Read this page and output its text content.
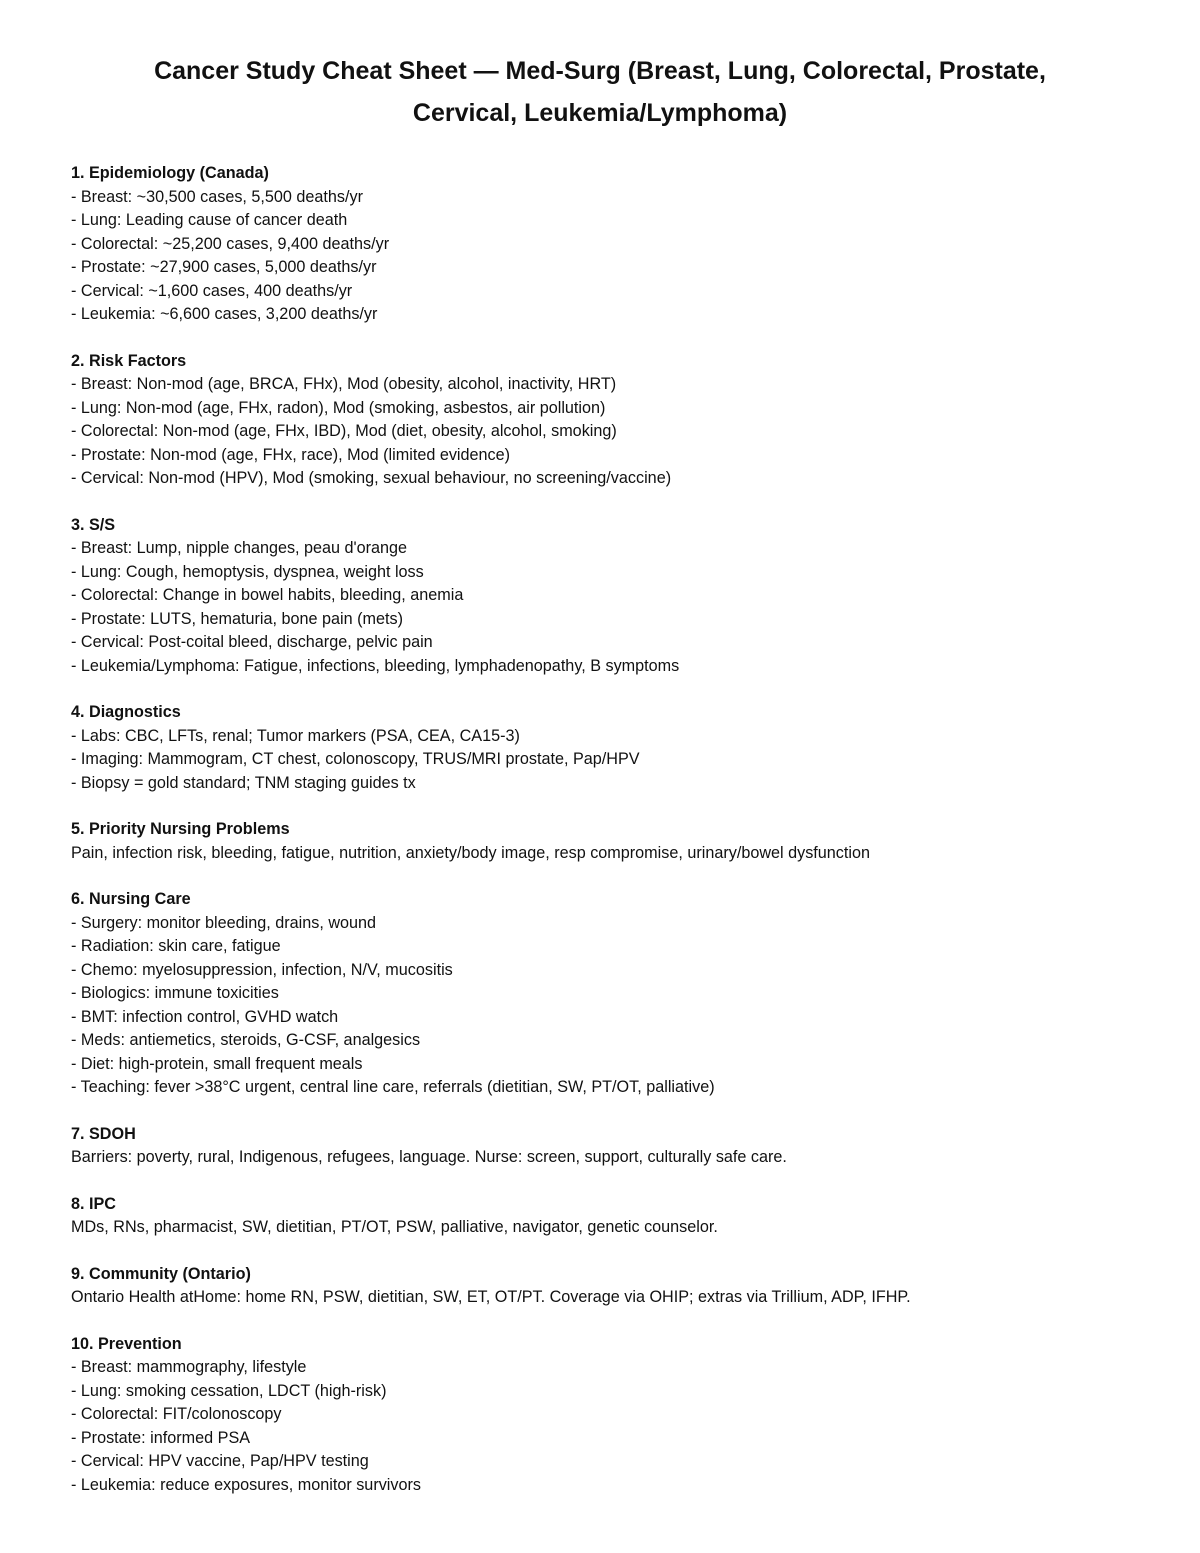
Cancer Study Cheat Sheet — Med-Surg (Breast, Lung, Colorectal, Prostate,
Cervical, Leukemia/Lymphoma)
1. Epidemiology (Canada)

- Breast: ~30,500 cases, 5,500 deaths/yr

- Lung: Leading cause of cancer death

- Colorectal: ~25,200 cases, 9,400 deaths/yr

- Prostate: ~27,900 cases, 5,000 deaths/yr

- Cervical: ~1,600 cases, 400 deaths/yr

- Leukemia: ~6,600 cases, 3,200 deaths/yr

2. Risk Factors

- Breast: Non-mod (age, BRCA, FHx), Mod (obesity, alcohol, inactivity, HRT)

- Lung: Non-mod (age, FHx, radon), Mod (smoking, asbestos, air pollution)

- Colorectal: Non-mod (age, FHx, IBD), Mod (diet, obesity, alcohol, smoking)

- Prostate: Non-mod (age, FHx, race), Mod (limited evidence)

- Cervical: Non-mod (HPV), Mod (smoking, sexual behaviour, no screening/vaccine)

3. S/S

- Breast: Lump, nipple changes, peau d'orange

- Lung: Cough, hemoptysis, dyspnea, weight loss

- Colorectal: Change in bowel habits, bleeding, anemia

- Prostate: LUTS, hematuria, bone pain (mets)

- Cervical: Post-coital bleed, discharge, pelvic pain

- Leukemia/Lymphoma: Fatigue, infections, bleeding, lymphadenopathy, B symptoms

4. Diagnostics

- Labs: CBC, LFTs, renal; Tumor markers (PSA, CEA, CA15-3)

- Imaging: Mammogram, CT chest, colonoscopy, TRUS/MRI prostate, Pap/HPV

- Biopsy = gold standard; TNM staging guides tx

5. Priority Nursing Problems

Pain, infection risk, bleeding, fatigue, nutrition, anxiety/body image, resp compromise, urinary/bowel dysfunction

6. Nursing Care

- Surgery: monitor bleeding, drains, wound

- Radiation: skin care, fatigue

- Chemo: myelosuppression, infection, N/V, mucositis

- Biologics: immune toxicities

- BMT: infection control, GVHD watch

- Meds: antiemetics, steroids, G-CSF, analgesics

- Diet: high-protein, small frequent meals

- Teaching: fever >38°C urgent, central line care, referrals (dietitian, SW, PT/OT, palliative)

7. SDOH

Barriers: poverty, rural, Indigenous, refugees, language. Nurse: screen, support, culturally safe care.

8. IPC

MDs, RNs, pharmacist, SW, dietitian, PT/OT, PSW, palliative, navigator, genetic counselor.

9. Community (Ontario)

Ontario Health atHome: home RN, PSW, dietitian, SW, ET, OT/PT. Coverage via OHIP; extras via Trillium, ADP, IFHP.

10. Prevention

- Breast: mammography, lifestyle

- Lung: smoking cessation, LDCT (high-risk)

- Colorectal: FIT/colonoscopy

- Prostate: informed PSA

- Cervical: HPV vaccine, Pap/HPV testing

- Leukemia: reduce exposures, monitor survivors
